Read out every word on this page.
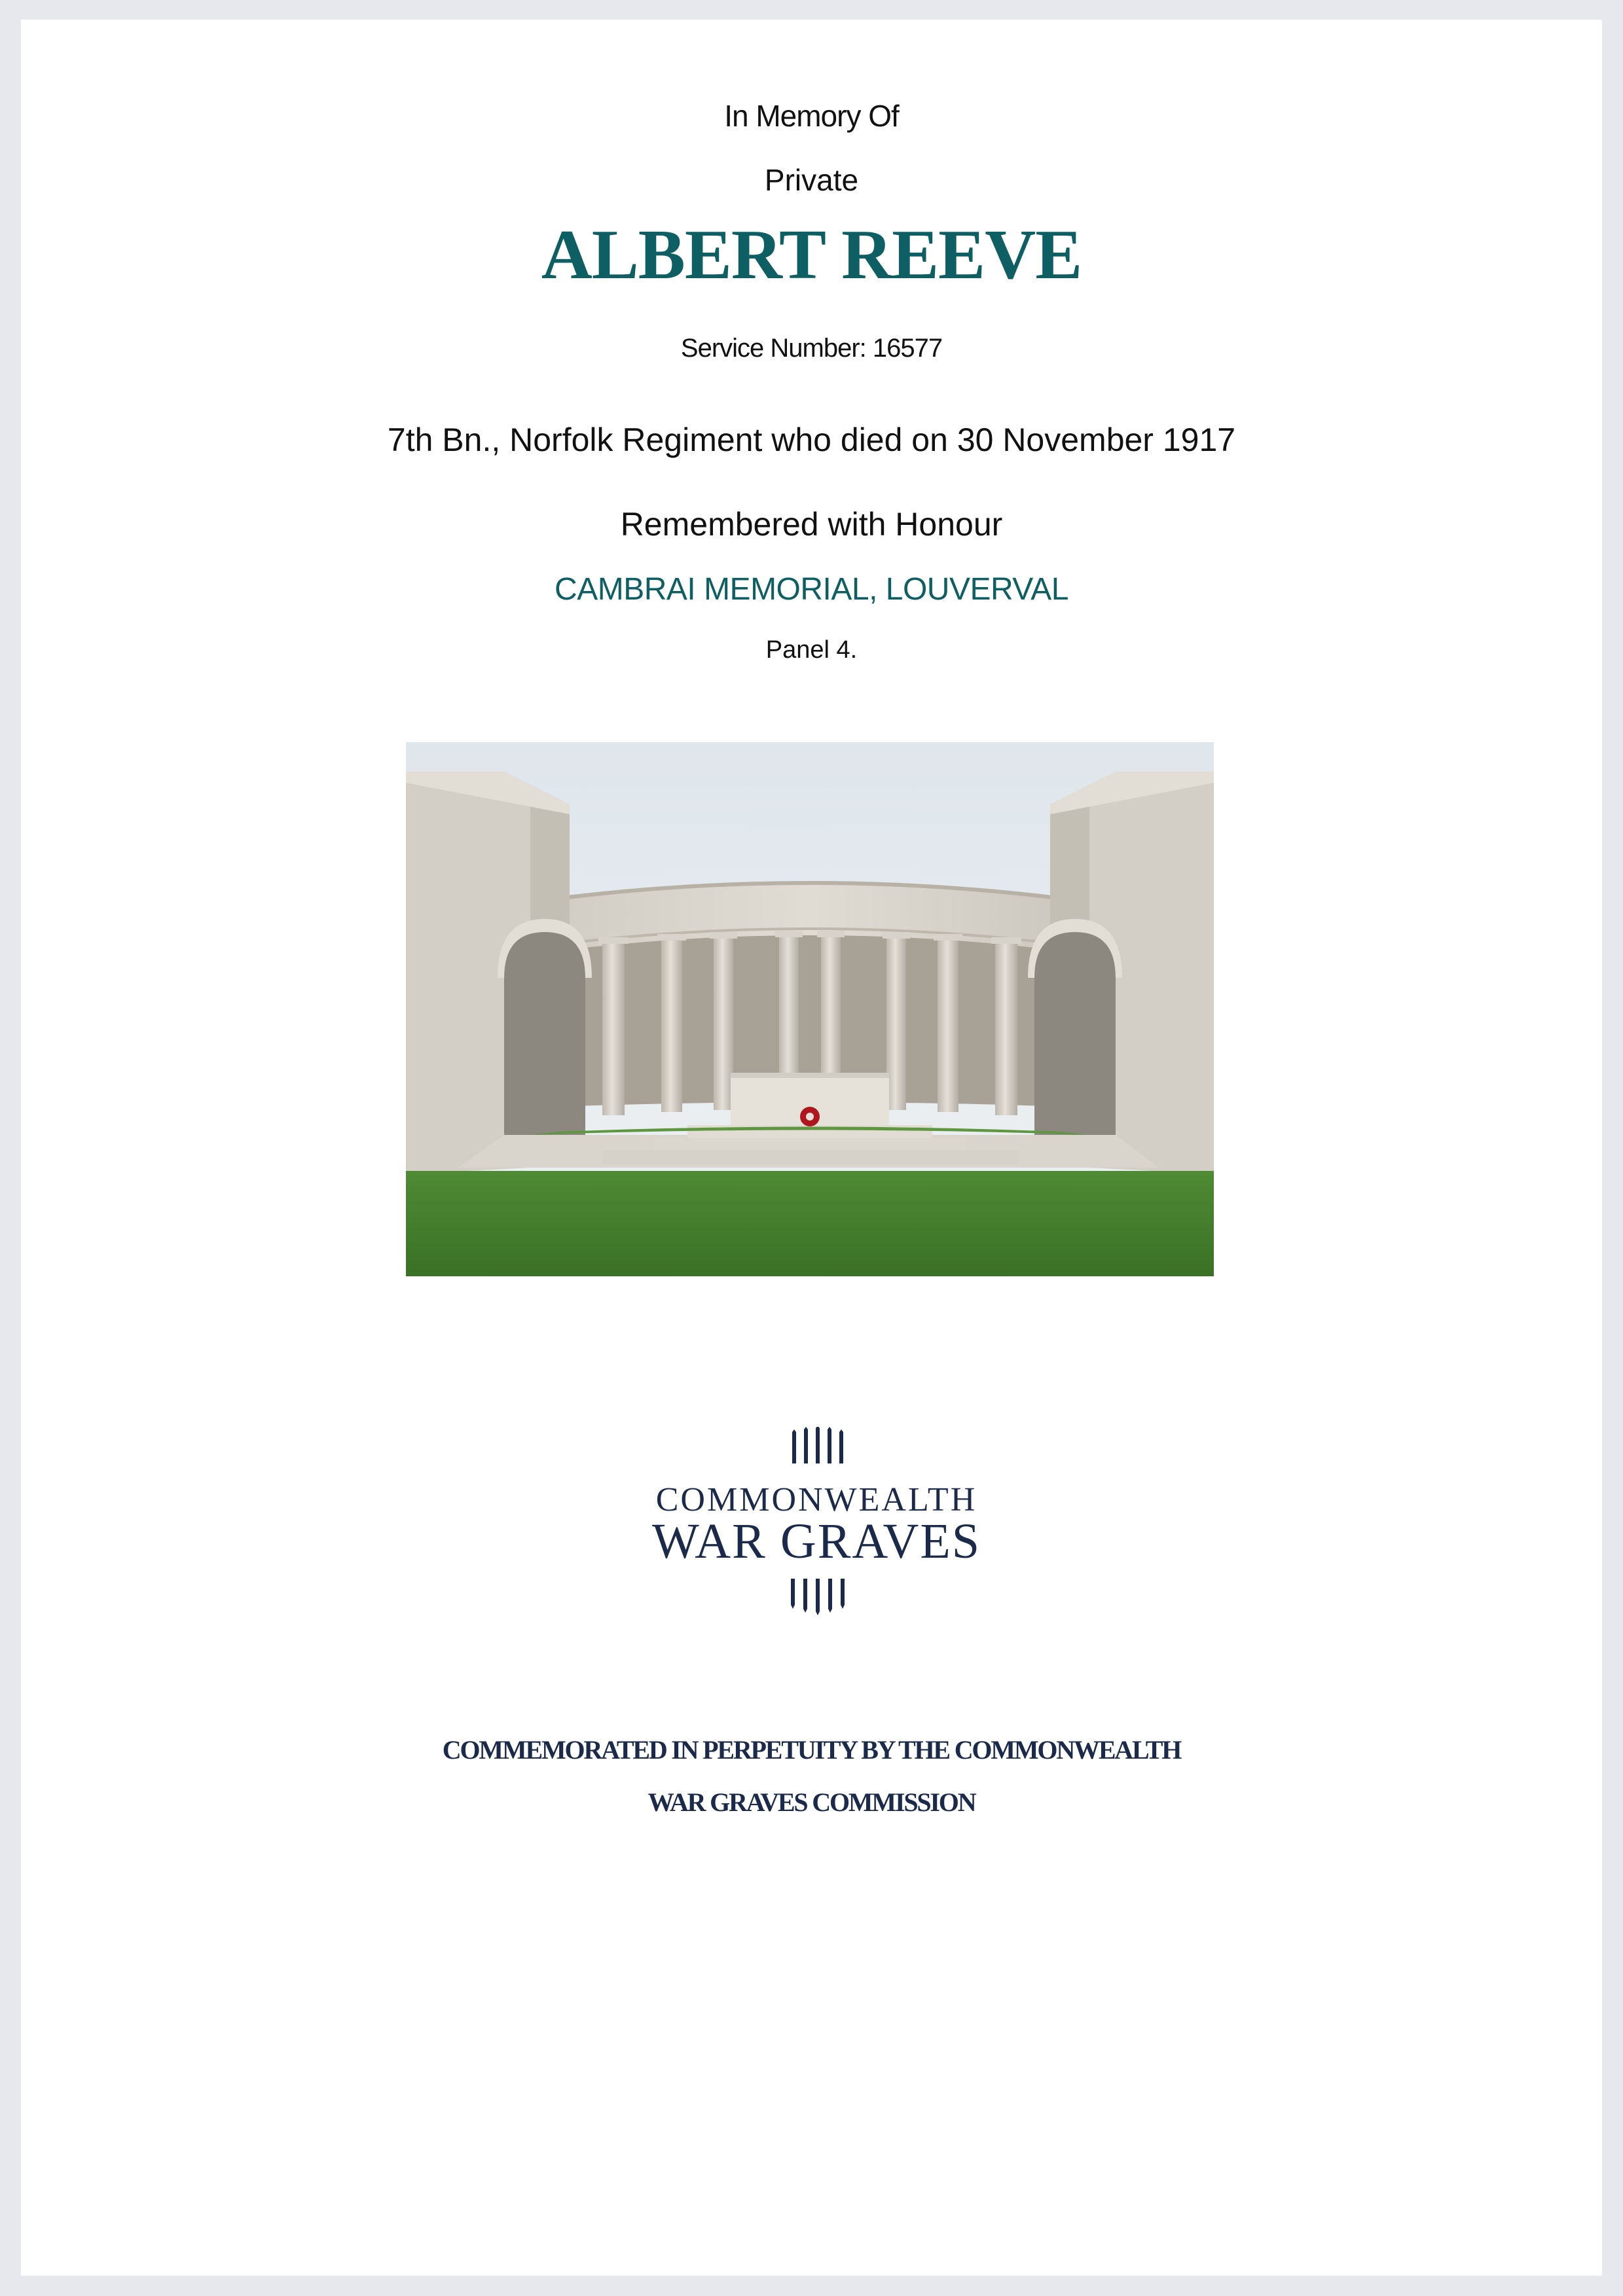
In Memory Of
Private
ALBERT REEVE
Service Number: 16577
7th Bn., Norfolk Regiment who died on 30 November 1917
Remembered with Honour
CAMBRAI MEMORIAL, LOUVERVAL
Panel 4.
COMMONWEALTH
WAR GRAVES
COMMEMORATED IN PERPETUITY BY THE COMMONWEALTH
WAR GRAVES COMMISSION
